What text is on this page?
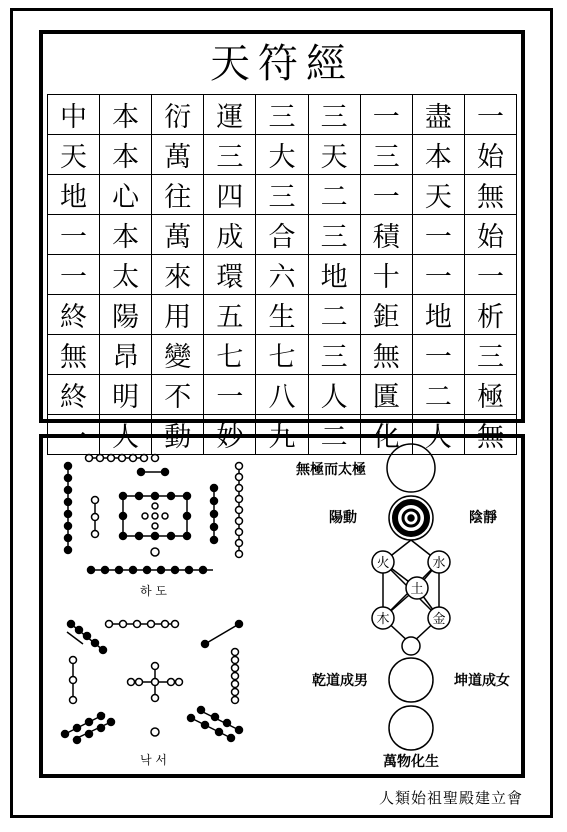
天符經
中	本	衍	運	三	三	一	盡	一
天	本	萬	三	大	天	三	本	始
地	心	往	四	三	二	一	天	無
一	本	萬	成	合	三	積	一	始
一	太	來	環	六	地	十	一	一
終	陽	用	五	生	二	鉅	地	析
無	昂	變	七	七	三	無	一	三
終	明	不	一	八	人	匱	二	極
一	人	動	妙	九	二	化	人	無
하 도
낙 서
無極而太極
陽動	陰靜
火	水
土
木	金
乾道成男	坤道成女
萬物化生
人類始祖聖殿建立會
